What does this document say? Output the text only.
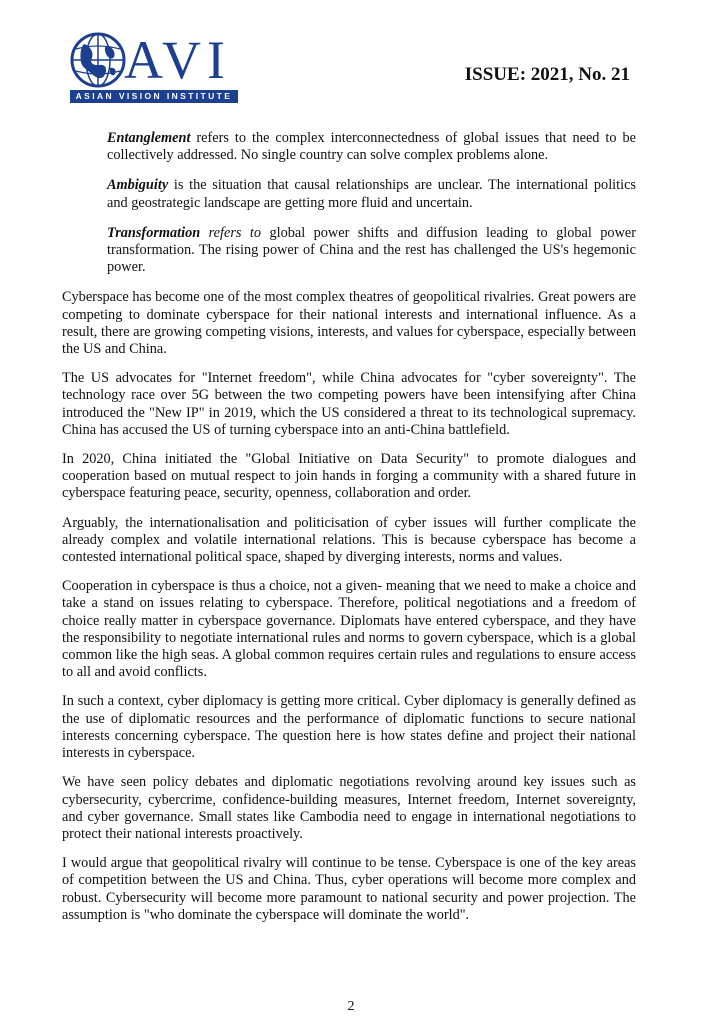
AVI
ASIAN VISION INSTITUTE
ISSUE: 2021, No. 21

Entanglement refers to the complex interconnectedness of global issues that need to be collectively addressed. No single country can solve complex problems alone.

Ambiguity is the situation that causal relationships are unclear. The international politics and geostrategic landscape are getting more fluid and uncertain.

Transformation refers to global power shifts and diffusion leading to global power transformation. The rising power of China and the rest has challenged the US's hegemonic power.

Cyberspace has become one of the most complex theatres of geopolitical rivalries. Great powers are competing to dominate cyberspace for their national interests and international influence. As a result, there are growing competing visions, interests, and values for cyberspace, especially between the US and China.

The US advocates for "Internet freedom", while China advocates for "cyber sovereignty". The technology race over 5G between the two competing powers have been intensifying after China introduced the "New IP" in 2019, which the US considered a threat to its technological supremacy. China has accused the US of turning cyberspace into an anti-China battlefield.

In 2020, China initiated the "Global Initiative on Data Security" to promote dialogues and cooperation based on mutual respect to join hands in forging a community with a shared future in cyberspace featuring peace, security, openness, collaboration and order.

Arguably, the internationalisation and politicisation of cyber issues will further complicate the already complex and volatile international relations. This is because cyberspace has become a contested international political space, shaped by diverging interests, norms and values.

Cooperation in cyberspace is thus a choice, not a given- meaning that we need to make a choice and take a stand on issues relating to cyberspace. Therefore, political negotiations and a freedom of choice really matter in cyberspace governance. Diplomats have entered cyberspace, and they have the responsibility to negotiate international rules and norms to govern cyberspace, which is a global common like the high seas. A global common requires certain rules and regulations to ensure access to all and avoid conflicts.

In such a context, cyber diplomacy is getting more critical. Cyber diplomacy is generally defined as the use of diplomatic resources and the performance of diplomatic functions to secure national interests concerning cyberspace. The question here is how states define and project their national interests in cyberspace.

We have seen policy debates and diplomatic negotiations revolving around key issues such as cybersecurity, cybercrime, confidence-building measures, Internet freedom, Internet sovereignty, and cyber governance. Small states like Cambodia need to engage in international negotiations to protect their national interests proactively.

I would argue that geopolitical rivalry will continue to be tense. Cyberspace is one of the key areas of competition between the US and China. Thus, cyber operations will become more complex and robust. Cybersecurity will become more paramount to national security and power projection. The assumption is "who dominate the cyberspace will dominate the world".

2
